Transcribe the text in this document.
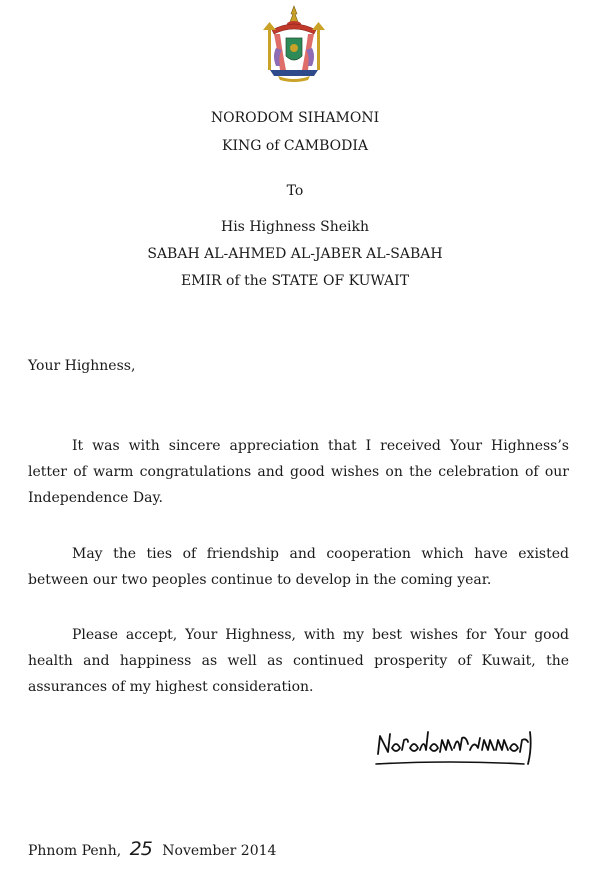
NORODOM SIHAMONI
KING of CAMBODIA
To
His Highness Sheikh
SABAH AL-AHMED AL-JABER AL-SABAH
EMIR of the STATE OF KUWAIT
Your Highness,

It was with sincere appreciation that I received Your Highness’s letter of warm congratulations and good wishes on the celebration of our Independence Day.

May the ties of friendship and cooperation which have existed between our two peoples continue to develop in the coming year.

Please accept, Your Highness, with my best wishes for Your good health and happiness as well as continued prosperity of Kuwait, the assurances of my highest consideration.

Phnom Penh, 25 November 2014
